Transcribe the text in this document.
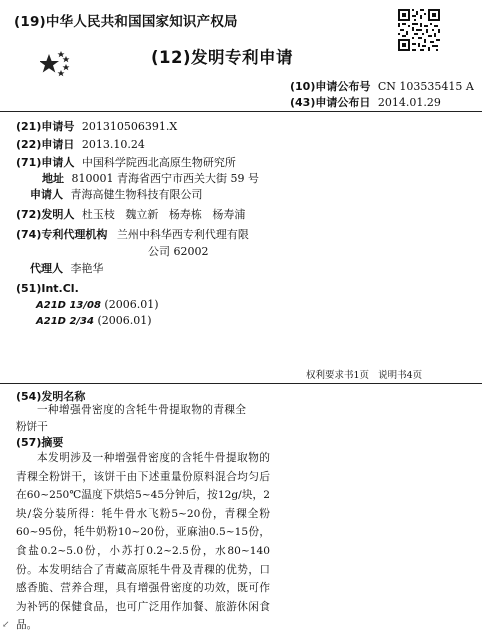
(19)中华人民共和国国家知识产权局
(12)发明专利申请
(10)申请公布号 CN 103535415 A
(43)申请公布日 2014.01.29
(21)申请号 201310506391.X
(22)申请日 2013.10.24
(71)申请人 中国科学院西北高原生物研究所
地址 810001 青海省西宁市西关大街 59 号
申请人 青海高健生物科技有限公司
(72)发明人 杜玉枝   魏立新   杨寿栋   杨寿浦
(74)专利代理机构 兰州中科华西专利代理有限
公司 62002
代理人 李艳华
(51)Int.Cl.
A21D 13/08 (2006.01)
A21D 2/34 (2006.01)
权利要求书1页   说明书4页
(54)发明名称
一种增强骨密度的含牦牛骨提取物的青稞全粉饼干
(57)摘要
本发明涉及一种增强骨密度的含牦牛骨提取物的青稞全粉饼干，该饼干由下述重量份原料混合均匀后在60~250℃温度下烘焙5~45分钟后，按12g/块，2块/袋分装所得：牦牛骨水飞粉5~20份，青稞全粉60~95份，牦牛奶粉10~20份，亚麻油0.5~15份，食盐0.2~5.0份，小苏打0.2~2.5份，水80~140份。本发明结合了青藏高原牦牛骨及青稞的优势，口感香脆、营养合理，具有增强骨密度的功效，既可作为补钙的保健食品，也可广泛用作加餐、旅游休闲食品。
↙
